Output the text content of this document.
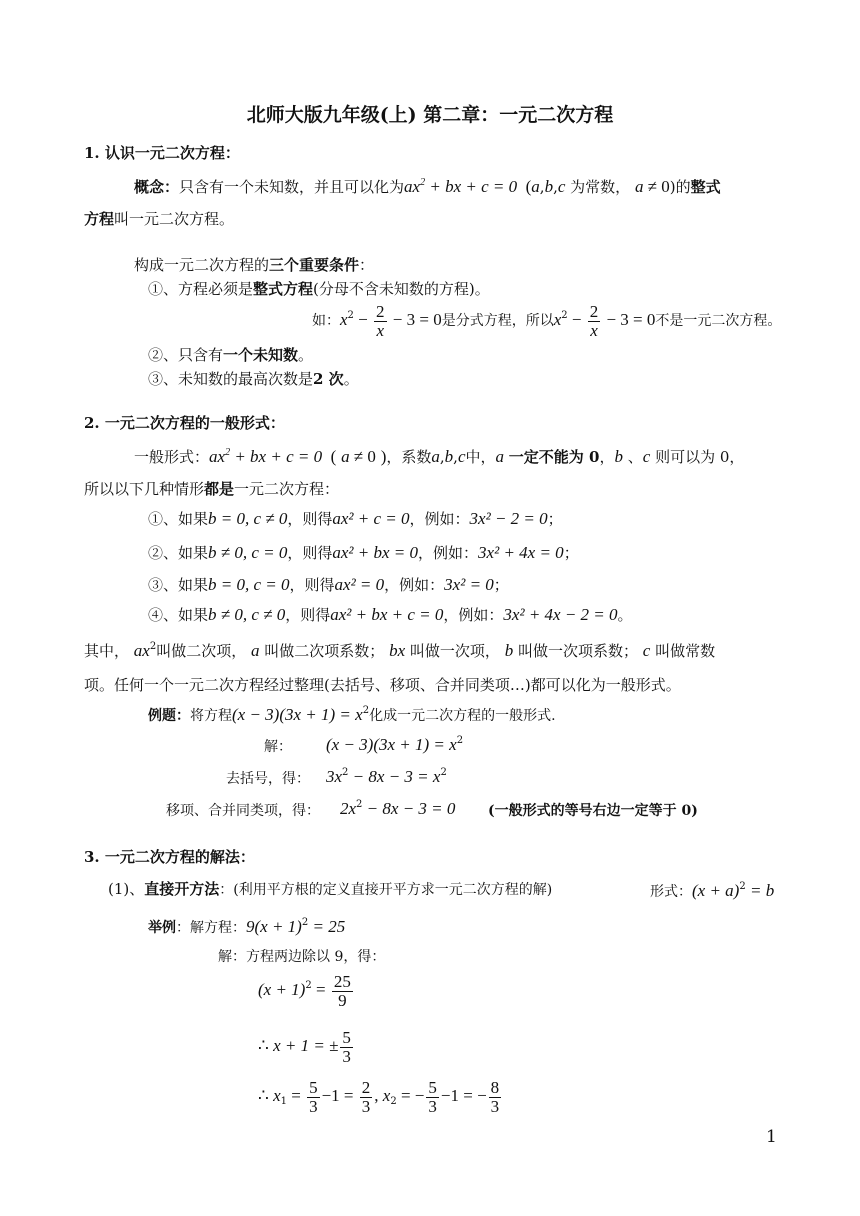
北师大版九年级(上) 第二章：一元二次方程
1. 认识一元二次方程：
概念：只含有一个未知数，并且可以化为$ax^2$ + bx + c = 0  (a,b,c 为常数， a ≠ 0)的整式
方程叫一元二次方程。
构成一元二次方程的三个重要条件：
①、方程必须是整式方程(分母不含未知数的方程)。
如：$x^2 - \frac{2}{x} - 3 = 0$是分式方程，所以$x^2 - \frac{2}{x} - 3 = 0$不是一元二次方程。
②、只含有一个未知数。
③、未知数的最高次数是2 次。
2. 一元二次方程的一般形式：
一般形式：$ax^2$ + bx + c = 0  ( a ≠ 0 )，系数a,b,c中，a 一定不能为 0，b 、c 则可以为 0，
所以以下几种情形都是一元二次方程：
①、如果b = 0, c ≠ 0，则得ax² + c = 0，例如：3x² − 2 = 0；
②、如果b ≠ 0, c = 0，则得ax² + bx = 0，例如：3x² + 4x = 0；
③、如果b = 0, c = 0，则得ax² = 0，例如：3x² = 0；
④、如果b ≠ 0, c ≠ 0，则得ax² + bx + c = 0，例如：3x² + 4x − 2 = 0。
其中， $ax^2$叫做二次项， a 叫做二次项系数； bx 叫做一次项， b 叫做一次项系数； c 叫做常数
项。任何一个一元二次方程经过整理(去括号、移项、合并同类项…)都可以化为一般形式。
例题：将方程$(x - 3)(3x + 1) = x^2$化成一元二次方程的一般形式.
解： $(x - 3)(3x + 1) = x^2$
去括号，得： $3x^2 - 8x - 3 = x^2$
移项、合并同类项，得： $2x^2 - 8x - 3 = 0$ (一般形式的等号右边一定等于 0)
3. 一元二次方程的解法：
(1)、直接开方法：(利用平方根的定义直接开平方求一元二次方程的解)	形式：$(x + a)^2 = b$
举例：解方程：$9(x + 1)^2 = 25$
解：方程两边除以 9，得：
$(x + 1)^2 = \frac{25}{9}$
∴ x + 1 = ± $\frac{5}{3}$
∴ $x_1 = \frac{5}{3} -1 = \frac{2}{3}$ , $x_2$ = − $\frac{5}{3} -1$ = − $\frac{8}{3}$
1
